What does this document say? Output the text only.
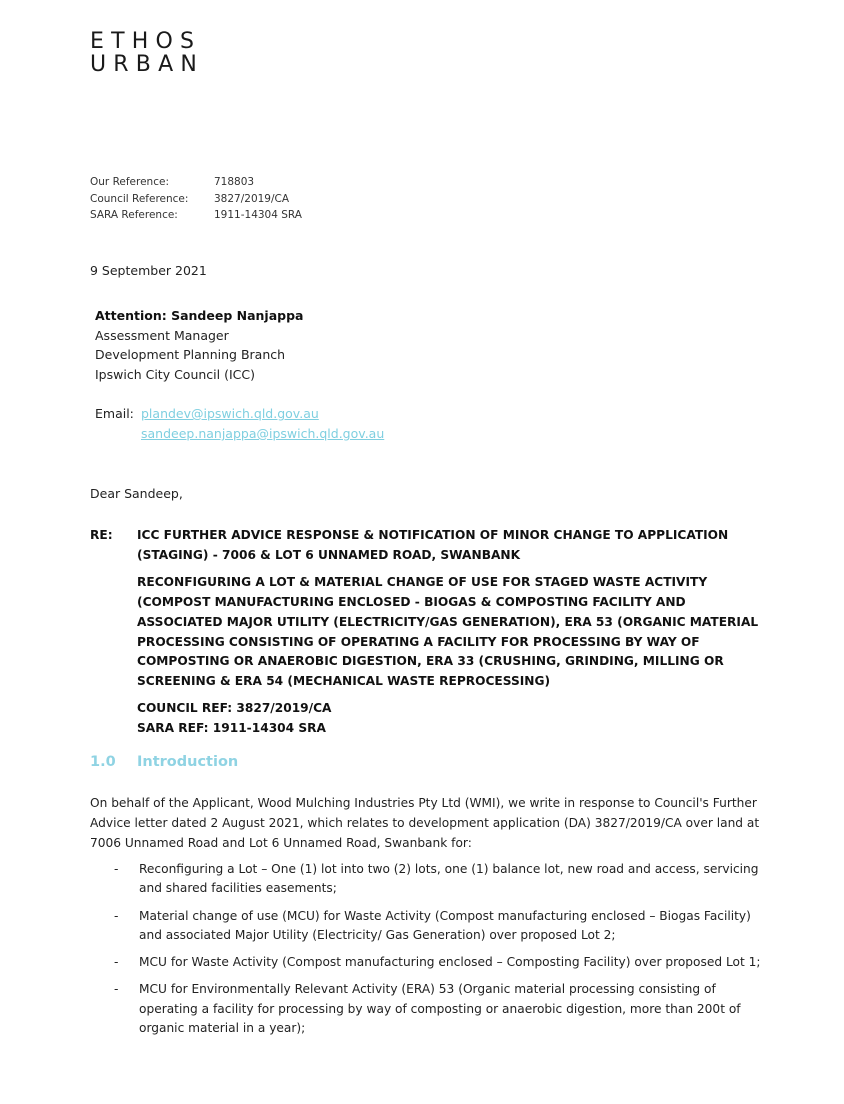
ETHOS
URBAN
Our Reference:	718803
Council Reference:	3827/2019/CA
SARA Reference:	1911-14304 SRA
9 September 2021
Attention: Sandeep Nanjappa
Assessment Manager
Development Planning Branch
Ipswich City Council (ICC)
Email: plandev@ipswich.qld.gov.au
sandeep.nanjappa@ipswich.qld.gov.au
Dear Sandeep,
RE: ICC FURTHER ADVICE RESPONSE & NOTIFICATION OF MINOR CHANGE TO APPLICATION (STAGING) - 7006 & LOT 6 UNNAMED ROAD, SWANBANK

RECONFIGURING A LOT & MATERIAL CHANGE OF USE FOR STAGED WASTE ACTIVITY (COMPOST MANUFACTURING ENCLOSED - BIOGAS & COMPOSTING FACILITY AND ASSOCIATED MAJOR UTILITY (ELECTRICITY/GAS GENERATION), ERA 53 (ORGANIC MATERIAL PROCESSING CONSISTING OF OPERATING A FACILITY FOR PROCESSING BY WAY OF COMPOSTING OR ANAEROBIC DIGESTION, ERA 33 (CRUSHING, GRINDING, MILLING OR SCREENING & ERA 54 (MECHANICAL WASTE REPROCESSING)

COUNCIL REF: 3827/2019/CA
SARA REF: 1911-14304 SRA
1.0 Introduction
On behalf of the Applicant, Wood Mulching Industries Pty Ltd (WMI), we write in response to Council's Further Advice letter dated 2 August 2021, which relates to development application (DA) 3827/2019/CA over land at 7006 Unnamed Road and Lot 6 Unnamed Road, Swanbank for:
- Reconfiguring a Lot – One (1) lot into two (2) lots, one (1) balance lot, new road and access, servicing and shared facilities easements;
- Material change of use (MCU) for Waste Activity (Compost manufacturing enclosed – Biogas Facility) and associated Major Utility (Electricity/ Gas Generation) over proposed Lot 2;
- MCU for Waste Activity (Compost manufacturing enclosed – Composting Facility) over proposed Lot 1;
- MCU for Environmentally Relevant Activity (ERA) 53 (Organic material processing consisting of operating a facility for processing by way of composting or anaerobic digestion, more than 200t of organic material in a year);
